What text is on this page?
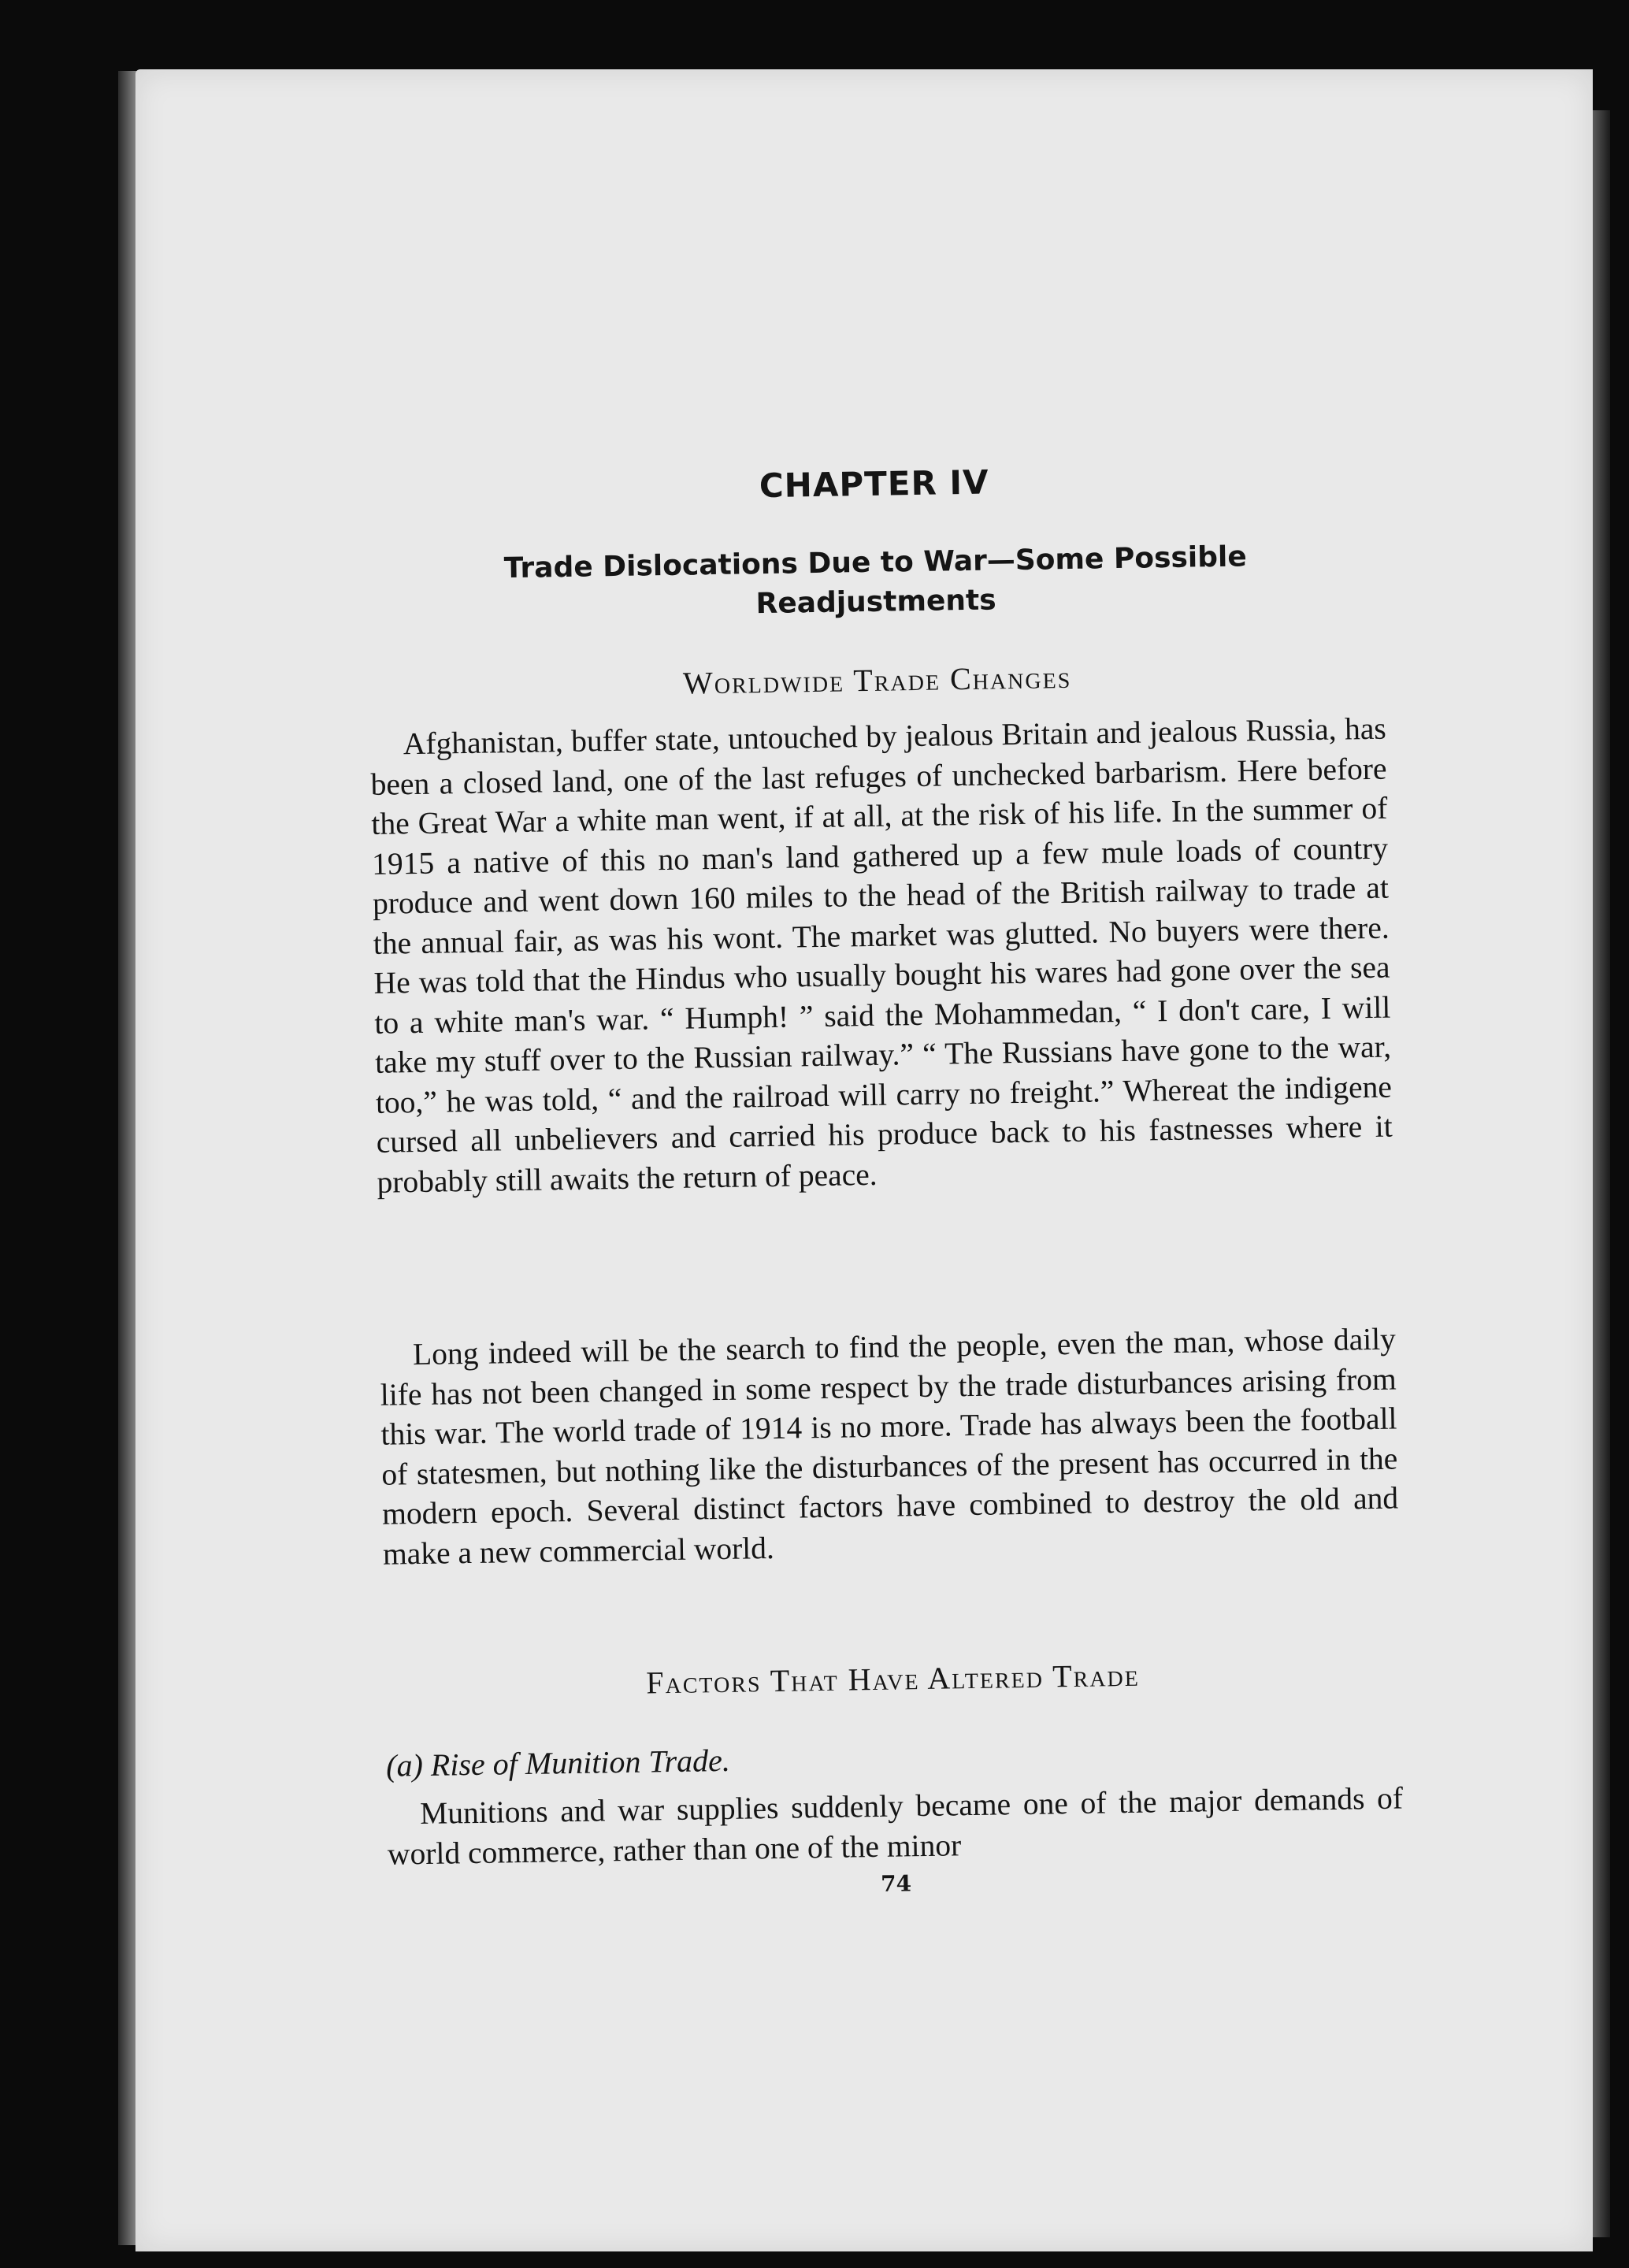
CHAPTER IV
Trade Dislocations Due to War—Some Possible
Readjustments
Worldwide Trade Changes

Afghanistan, buffer state, untouched by jealous Britain and jealous Russia, has been a closed land, one of the last refuges of unchecked barbarism. Here before the Great War a white man went, if at all, at the risk of his life. In the summer of 1915 a native of this no man's land gathered up a few mule loads of country produce and went down 160 miles to the head of the British railway to trade at the annual fair, as was his wont. The market was glutted. No buyers were there. He was told that the Hindus who usually bought his wares had gone over the sea to a white man's war. “ Humph! ” said the Mohammedan, “ I don't care, I will take my stuff over to the Russian railway.” “ The Russians have gone to the war, too,” he was told, “ and the railroad will carry no freight.” Whereat the indigene cursed all unbelievers and carried his produce back to his fastnesses where it probably still awaits the return of peace.

Long indeed will be the search to find the people, even the man, whose daily life has not been changed in some respect by the trade disturbances arising from this war. The world trade of 1914 is no more. Trade has always been the football of statesmen, but nothing like the disturbances of the present has occurred in the modern epoch. Several distinct factors have combined to destroy the old and make a new commercial world.

Factors That Have Altered Trade
(a) Rise of Munition Trade.

Munitions and war supplies suddenly became one of the major demands of world commerce, rather than one of the minor

74
